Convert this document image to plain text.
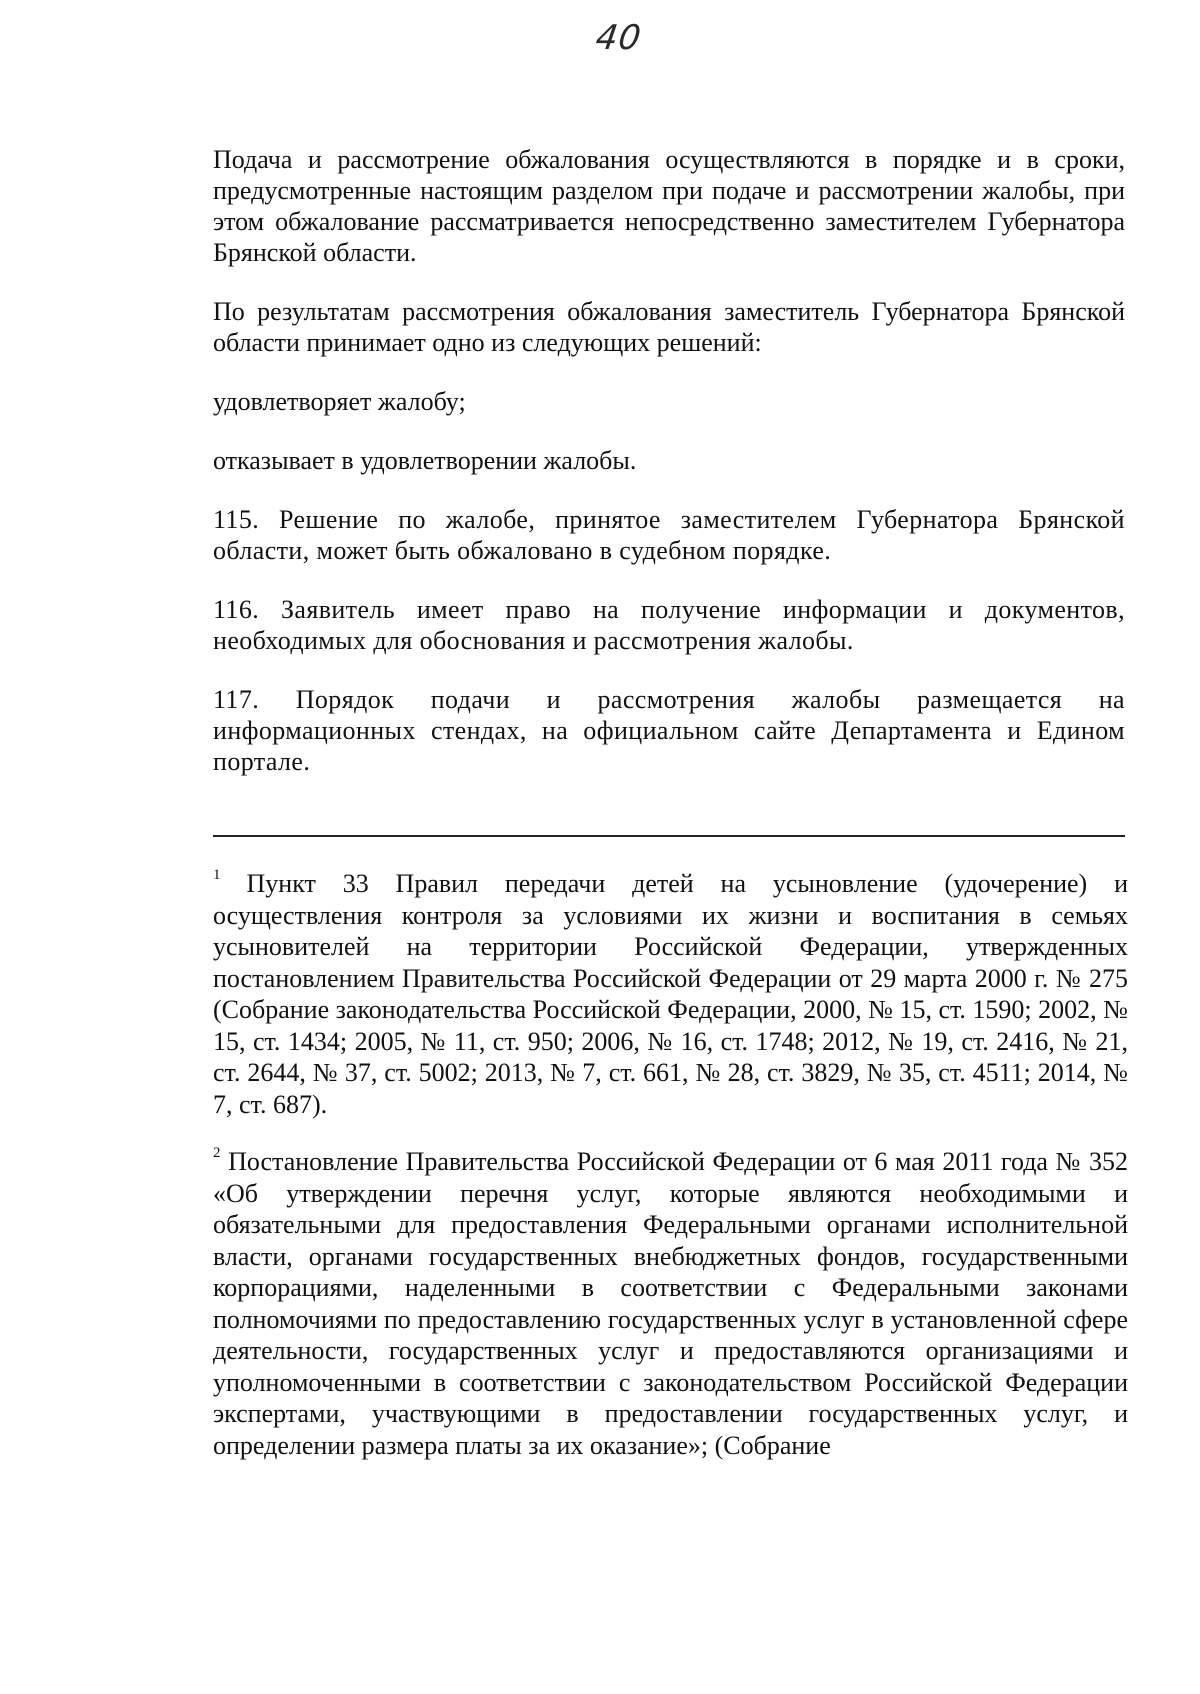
40

Подача и рассмотрение обжалования осуществляются в порядке и в сроки, предусмотренные настоящим разделом при подаче и рассмотрении жалобы, при этом обжалование рассматривается непосредственно заместителем Губернатора Брянской области.

По результатам рассмотрения обжалования заместитель Губернатора Брянской области принимает одно из следующих решений:

удовлетворяет жалобу;

отказывает в удовлетворении жалобы.

115. Решение по жалобе, принятое заместителем Губернатора Брянской области, может быть обжаловано в судебном порядке.

116. Заявитель имеет право на получение информации и документов, необходимых для обоснования и рассмотрения жалобы.

117. Порядок подачи и рассмотрения жалобы размещается на информационных стендах, на официальном сайте Департамента и Едином портале.

$^1$ Пункт 33 Правил передачи детей на усыновление (удочерение) и осуществления контроля за условиями их жизни и воспитания в семьях усыновителей на территории Российской Федерации, утвержденных постановлением Правительства Российской Федерации от 29 марта 2000 г. № 275 (Собрание законодательства Российской Федерации, 2000, № 15, ст. 1590; 2002, № 15, ст. 1434; 2005, № 11, ст. 950; 2006, № 16, ст. 1748; 2012, № 19, ст. 2416, № 21, ст. 2644, № 37, ст. 5002; 2013, № 7, ст. 661, № 28, ст. 3829, № 35, ст. 4511; 2014, № 7, ст. 687).

$^2$ Постановление Правительства Российской Федерации от 6 мая 2011 года № 352 «Об утверждении перечня услуг, которые являются необходимыми и обязательными для предоставления Федеральными органами исполнительной власти, органами государственных внебюджетных фондов, государственными корпорациями, наделенными в соответствии с Федеральными законами полномочиями по предоставлению государственных услуг в установленной сфере деятельности, государственных услуг и предоставляются организациями и уполномоченными в соответствии с законодательством Российской Федерации экспертами, участвующими в предоставлении государственных услуг, и определении размера платы за их оказание»; (Собрание
